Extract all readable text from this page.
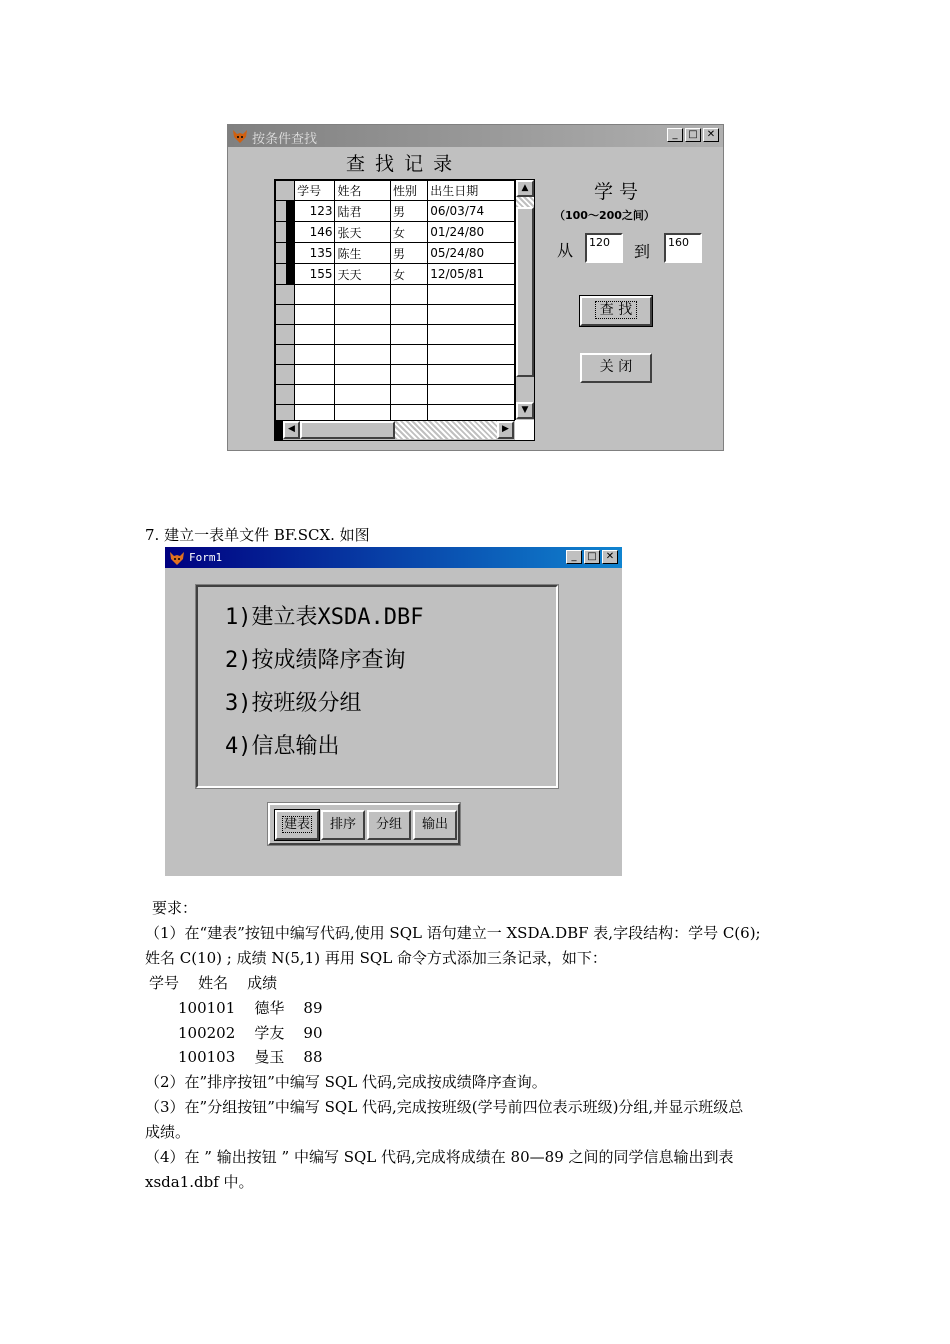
按条件查找	_	□ ✕
查 找 记 录
	学号	姓名	性别	出生日期

	123	陆君	男	06/03/74

	146	张天	女	01/24/80

	135	陈生	男	05/24/80

	155	天天	女	12/05/81

▲
▼
◀	▶
学 号
（100～200之间）
从	120	到	160
查 找
关 闭
7. 建立一表单文件 BF.SCX. 如图
Form1	_	□ ✕
1)建立表XSDA.DBF
2)按成绩降序查询
3)按班级分组
4)信息输出
建表	排序	分组	输出
要求：
（1）在“建表”按钮中编写代码,使用 SQL 语句建立一 XSDA.DBF 表,字段结构：学号 C(6);
姓名 C(10) ; 成绩 N(5,1) 再用 SQL 命令方式添加三条记录，如下：
学号    姓名    成绩
100101    德华    89
100202    学友    90
100103    曼玉    88
（2）在”排序按钮”中编写 SQL 代码,完成按成绩降序查询。
（3）在”分组按钮”中编写 SQL 代码,完成按班级(学号前四位表示班级)分组,并显示班级总
成绩。
（4）在 ” 输出按钮 ” 中编写 SQL 代码,完成将成绩在 80—89 之间的同学信息输出到表
xsda1.dbf 中。
